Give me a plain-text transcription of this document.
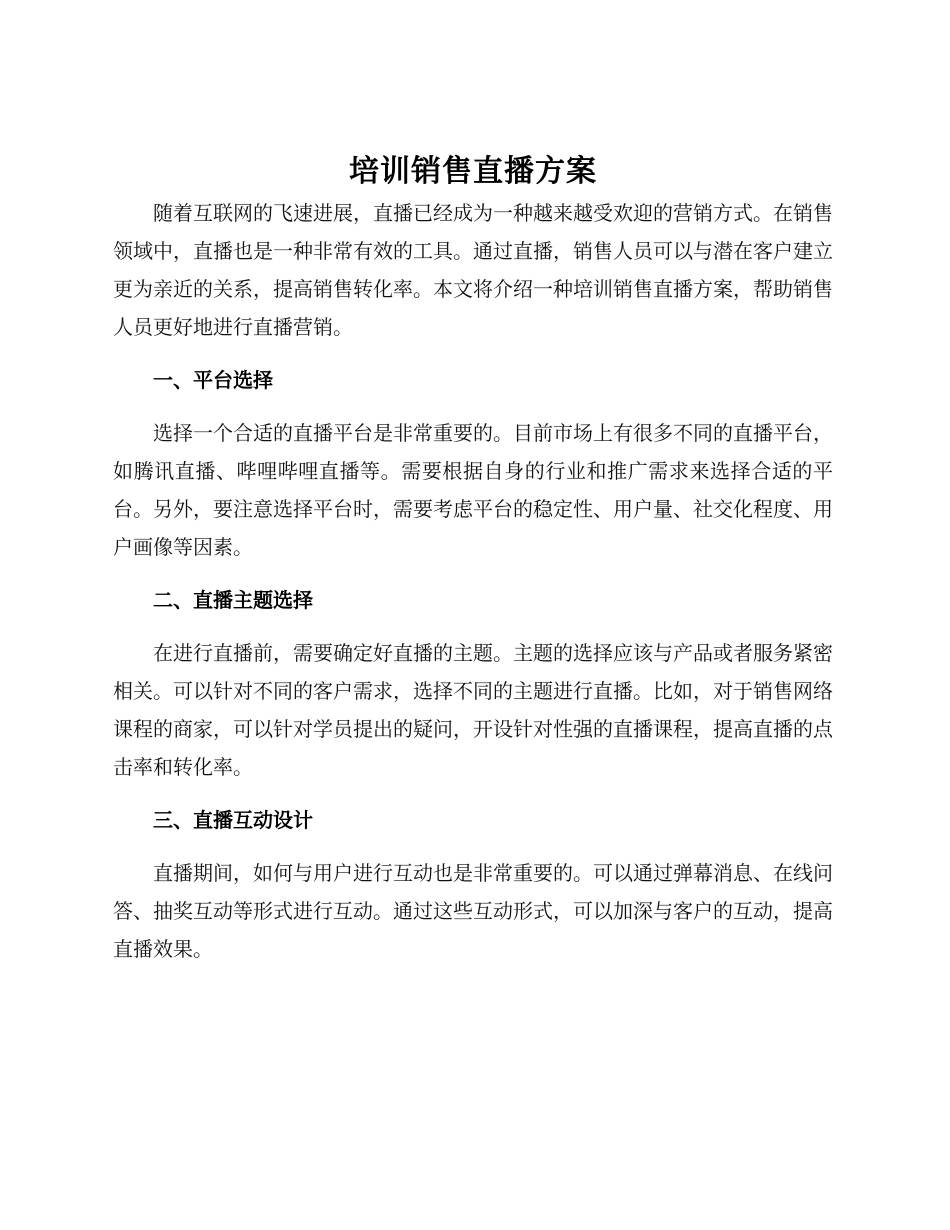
培训销售直播方案

随着互联网的飞速进展，直播已经成为一种越来越受欢迎的营销方式。在销售领域中，直播也是一种非常有效的工具。通过直播，销售人员可以与潜在客户建立更为亲近的关系，提高销售转化率。本文将介绍一种培训销售直播方案，帮助销售人员更好地进行直播营销。

一、平台选择

选择一个合适的直播平台是非常重要的。目前市场上有很多不同的直播平台，如腾讯直播、哔哩哔哩直播等。需要根据自身的行业和推广需求来选择合适的平台。另外，要注意选择平台时，需要考虑平台的稳定性、用户量、社交化程度、用户画像等因素。

二、直播主题选择

在进行直播前，需要确定好直播的主题。主题的选择应该与产品或者服务紧密相关。可以针对不同的客户需求，选择不同的主题进行直播。比如，对于销售网络课程的商家，可以针对学员提出的疑问，开设针对性强的直播课程，提高直播的点击率和转化率。

三、直播互动设计

直播期间，如何与用户进行互动也是非常重要的。可以通过弹幕消息、在线问答、抽奖互动等形式进行互动。通过这些互动形式，可以加深与客户的互动，提高直播效果。
